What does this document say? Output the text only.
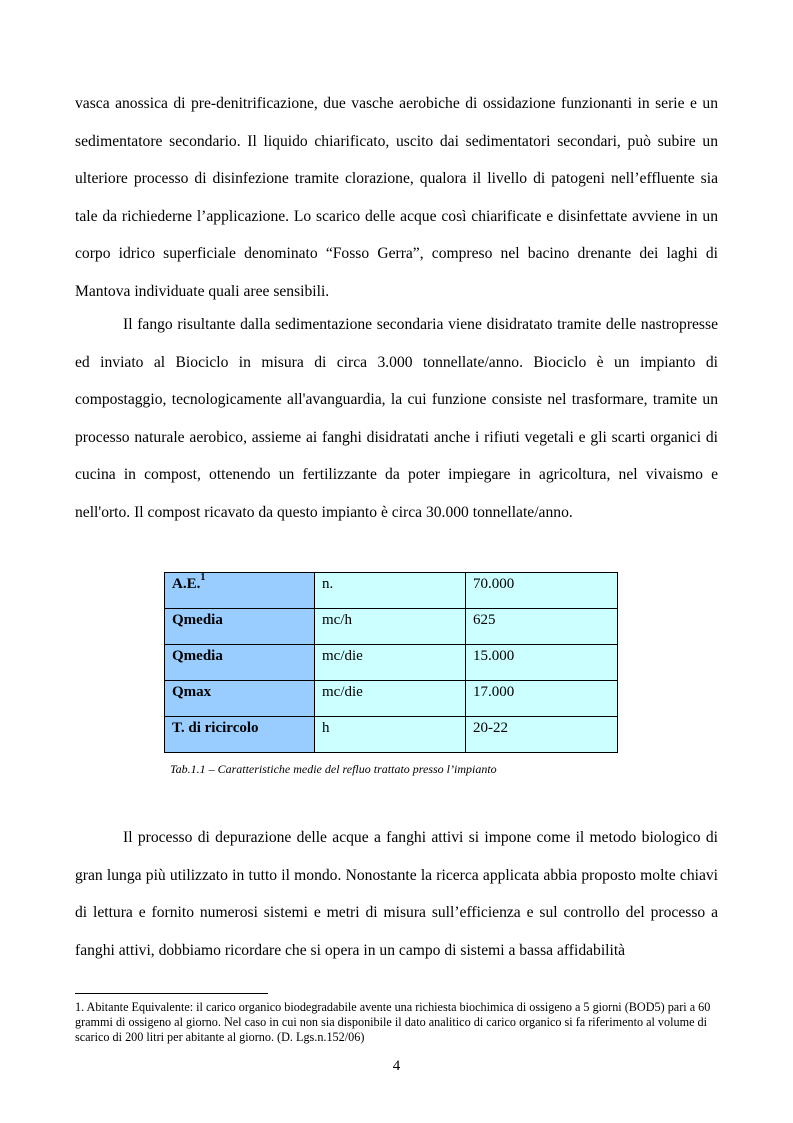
vasca anossica di pre-denitrificazione, due vasche aerobiche di ossidazione funzionanti in serie e un sedimentatore secondario. Il liquido chiarificato, uscito dai sedimentatori secondari, può subire un ulteriore processo di disinfezione tramite clorazione, qualora il livello di patogeni nell’effluente sia tale da richiederne l’applicazione. Lo scarico delle acque così chiarificate e disinfettate avviene in un corpo idrico superficiale denominato “Fosso Gerra”, compreso nel bacino drenante dei laghi di Mantova individuate quali aree sensibili.

Il fango risultante dalla sedimentazione secondaria viene disidratato tramite delle nastropresse ed inviato al Biociclo in misura di circa 3.000 tonnellate/anno. Biociclo è un impianto di compostaggio, tecnologicamente all'avanguardia, la cui funzione consiste nel trasformare, tramite un processo naturale aerobico, assieme ai fanghi disidratati anche i rifiuti vegetali e gli scarti organici di cucina in compost, ottenendo un fertilizzante da poter impiegare in agricoltura, nel vivaismo e nell'orto. Il compost ricavato da questo impianto è circa 30.000 tonnellate/anno.

A.E.$^1$	n.	70.000
Qmedia	mc/h	625
Qmedia	mc/die	15.000
Qmax	mc/die	17.000
T. di ricircolo	h	20-22
Tab.1.1 – Caratteristiche medie del refluo trattato presso l’impianto

Il processo di depurazione delle acque a fanghi attivi si impone come il metodo biologico di gran lunga più utilizzato in tutto il mondo. Nonostante la ricerca applicata abbia proposto molte chiavi di lettura e fornito numerosi sistemi e metri di misura sull’efficienza e sul controllo del processo a fanghi attivi, dobbiamo ricordare che si opera in un campo di sistemi a bassa affidabilità

1. Abitante Equivalente: il carico organico biodegradabile avente una richiesta biochimica di ossigeno a 5 giorni (BOD5) pari a 60 grammi di ossigeno al giorno. Nel caso in cui non sia disponibile il dato analitico di carico organico si fa riferimento al volume di scarico di 200 litri per abitante al giorno. (D. Lgs.n.152/06)

4
